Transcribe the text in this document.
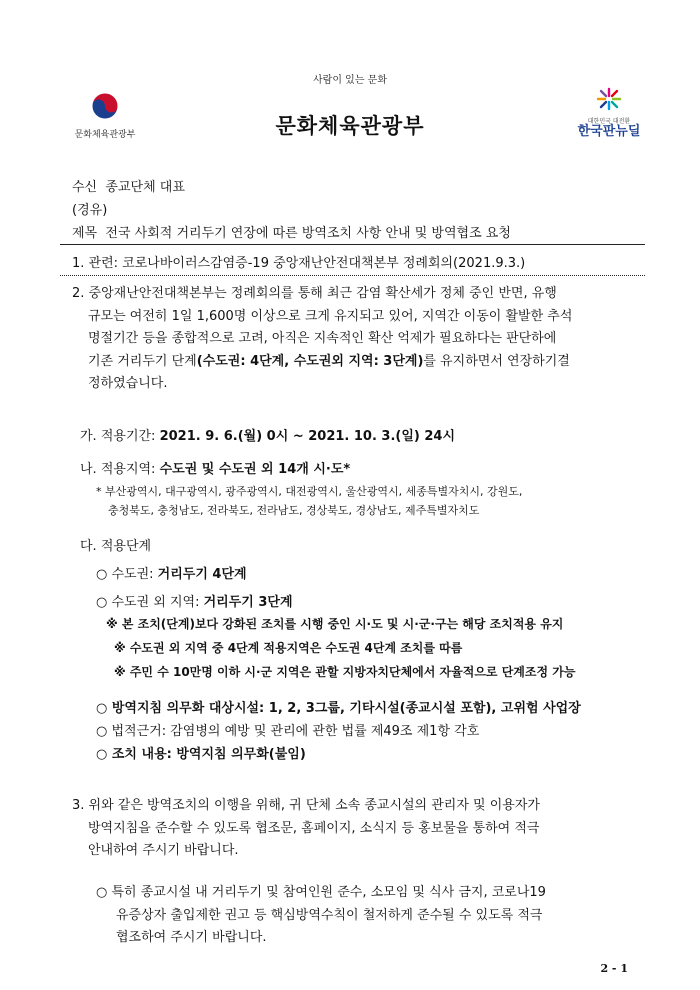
사람이 있는 문화
문화체육관광부	문화체육관광부	대한민국 대전환
한국판뉴딜
수신 종교단체 대표
(경유)
제목 전국 사회적 거리두기 연장에 따른 방역조치 사항 안내 및 방역협조 요청
1. 관련: 코로나바이러스감염증-19 중앙재난안전대책본부 정례회의(2021.9.3.)
2. 중앙재난안전대책본부는 정례회의를 통해 최근 감염 확산세가 정체 중인 반면, 유행
규모는 여전히 1일 1,600명 이상으로 크게 유지되고 있어, 지역간 이동이 활발한 추석
명절기간 등을 종합적으로 고려, 아직은 지속적인 확산 억제가 필요하다는 판단하에
기존 거리두기 단계(수도권: 4단계, 수도권외 지역: 3단계)를 유지하면서 연장하기결
정하였습니다.
가. 적용기간: 2021. 9. 6.(월) 0시 ~ 2021. 10. 3.(일) 24시
나. 적용지역: 수도권 및 수도권 외 14개 시·도*
* 부산광역시, 대구광역시, 광주광역시, 대전광역시, 울산광역시, 세종특별자치시, 강원도,
충청북도, 충청남도, 전라북도, 전라남도, 경상북도, 경상남도, 제주특별자치도
다. 적용단계
○ 수도권: 거리두기 4단계
○ 수도권 외 지역: 거리두기 3단계
※ 본 조치(단계)보다 강화된 조치를 시행 중인 시·도 및 시·군·구는 해당 조치적용 유지
※ 수도권 외 지역 중 4단계 적용지역은 수도권 4단계 조치를 따름
※ 주민 수 10만명 이하 시·군 지역은 관할 지방자치단체에서 자율적으로 단계조정 가능
○ 방역지침 의무화 대상시설: 1, 2, 3그룹, 기타시설(종교시설 포함), 고위험 사업장
○ 법적근거: 감염병의 예방 및 관리에 관한 법률 제49조 제1항 각호
○ 조치 내용: 방역지침 의무화(불임)
3. 위와 같은 방역조치의 이행을 위해, 귀 단체 소속 종교시설의 관리자 및 이용자가
방역지침을 준수할 수 있도록 협조문, 홈페이지, 소식지 등 홍보물을 통하여 적극
안내하여 주시기 바랍니다.
○ 특히 종교시설 내 거리두기 및 참여인원 준수, 소모임 및 식사 금지, 코로나19
유증상자 출입제한 권고 등 핵심방역수칙이 철저하게 준수될 수 있도록 적극
협조하여 주시기 바랍니다.
2 - 1
